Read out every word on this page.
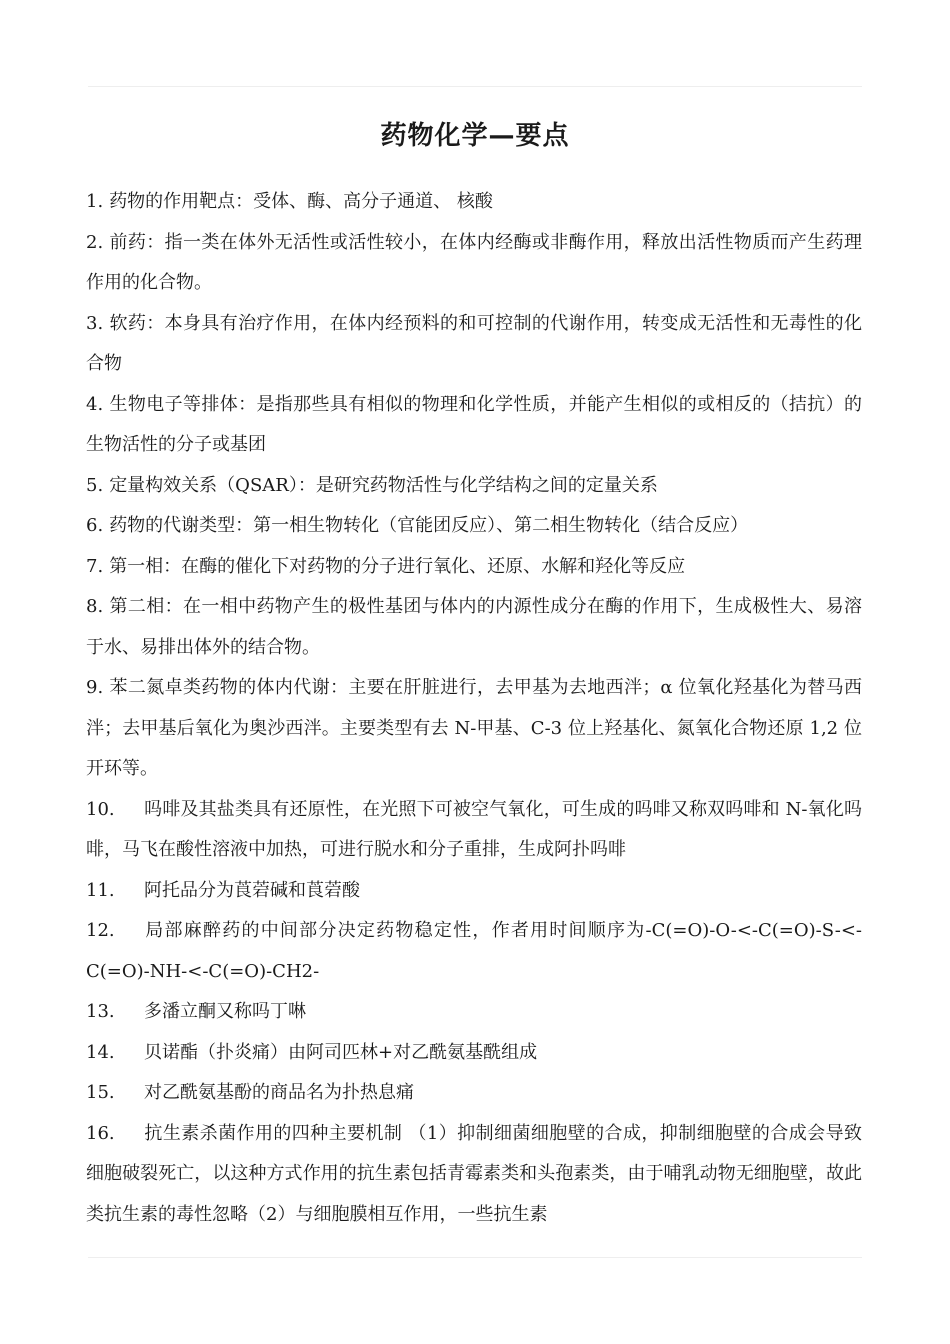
药物化学—要点

1. 药物的作用靶点：受体、酶、高分子通道、 核酸

2. 前药：指一类在体外无活性或活性较小，在体内经酶或非酶作用，释放出活性物质而产生药理作用的化合物。

3. 软药：本身具有治疗作用，在体内经预料的和可控制的代谢作用，转变成无活性和无毒性的化合物

4. 生物电子等排体：是指那些具有相似的物理和化学性质，并能产生相似的或相反的（拮抗）的生物活性的分子或基团

5. 定量构效关系（QSAR）：是研究药物活性与化学结构之间的定量关系

6. 药物的代谢类型：第一相生物转化（官能团反应）、第二相生物转化（结合反应）

7. 第一相：在酶的催化下对药物的分子进行氧化、还原、水解和羟化等反应

8. 第二相：在一相中药物产生的极性基团与体内的内源性成分在酶的作用下，生成极性大、易溶于水、易排出体外的结合物。

9. 苯二氮卓类药物的体内代谢：主要在肝脏进行，去甲基为去地西泮；α 位氧化羟基化为替马西泮；去甲基后氧化为奥沙西泮。主要类型有去 N-甲基、C-3 位上羟基化、氮氧化合物还原 1,2 位开环等。

10. 吗啡及其盐类具有还原性，在光照下可被空气氧化，可生成的吗啡又称双吗啡和 N-氧化吗啡，马飞在酸性溶液中加热，可进行脱水和分子重排，生成阿扑吗啡

11. 阿托品分为莨菪碱和莨菪酸

12. 局部麻醉药的中间部分决定药物稳定性，作者用时间顺序为-C(=O)-O-<-C(=O)-S-<-C(=O)-NH-<-C(=O)-CH2-

13. 多潘立酮又称吗丁啉

14. 贝诺酯（扑炎痛）由阿司匹林+对乙酰氨基酰组成

15. 对乙酰氨基酚的商品名为扑热息痛

16. 抗生素杀菌作用的四种主要机制 （1）抑制细菌细胞壁的合成，抑制细胞壁的合成会导致细胞破裂死亡，以这种方式作用的抗生素包括青霉素类和头孢素类，由于哺乳动物无细胞壁，故此类抗生素的毒性忽略（2）与细胞膜相互作用，一些抗生素
